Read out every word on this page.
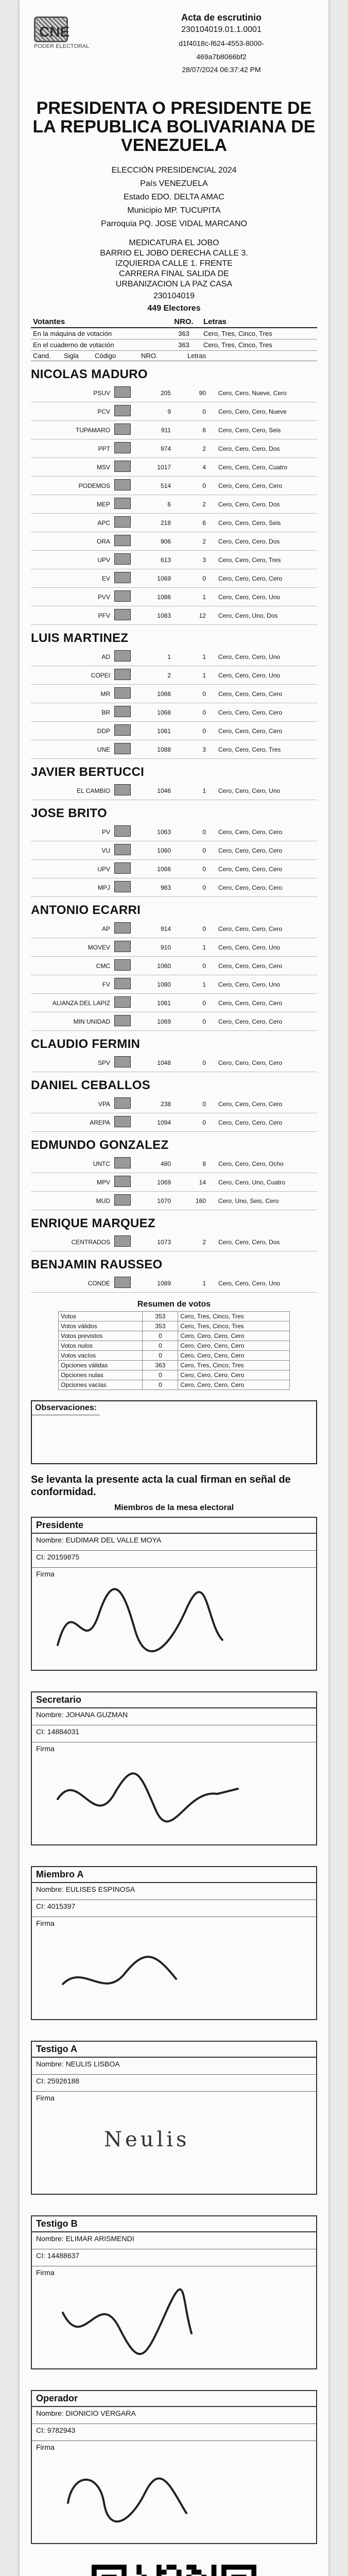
CNE
PODER ELECTORAL
Acta de escrutinio
230104019.01.1.0001
d1f4018c-f624-4553-8000-
469a7b8066bf2
28/07/2024 06:37:42 PM
PRESIDENTA O PRESIDENTE DE LA REPUBLICA BOLIVARIANA DE VENEZUELA
ELECCIÓN PRESIDENCIAL 2024
País VENEZUELA
Estado EDO. DELTA AMAC
Municipio MP. TUCUPITA
Parroquia PQ. JOSE VIDAL MARCANO
MEDICATURA EL JOBO
BARRIO EL JOBO DERECHA CALLE 3.
IZQUIERDA CALLE 1. FRENTE
CARRERA FINAL SALIDA DE
URBANIZACION LA PAZ CASA
230104019
449 Electores
Votantes	NRO.	Letras
En la máquina de votación	363	Cero, Tres, Cinco, Tres
En el cuaderno de votación	363	Cero, Tres, Cinco, Tres
Cand.	Sigla	Código	NRO.	Letras
NICOLAS MADURO
PSUV		205	90	Cero, Cero, Nueve, Cero
PCV		9	0	Cero, Cero, Cero, Nueve
TUPAMARO		911	6	Cero, Cero, Cero, Seis
PPT		974	2	Cero, Cero, Cero, Dos
MSV		1017	4	Cero, Cero, Cero, Cuatro
PODEMOS		514	0	Cero, Cero, Cero, Cero
MEP		6	2	Cero, Cero, Cero, Dos
APC		218	6	Cero, Cero, Cero, Seis
ORA		906	2	Cero, Cero, Cero, Dos
UPV		613	3	Cero, Cero, Cero, Tres
EV		1069	0	Cero, Cero, Cero, Cero
PVV		1086	1	Cero, Cero, Cero, Uno
PFV		1083	12	Cero, Cero, Uno, Dos
LUIS MARTINEZ
AD		1	1	Cero, Cero, Cero, Uno
COPEI		2	1	Cero, Cero, Cero, Uno
MR		1066	0	Cero, Cero, Cero, Cero
BR		1068	0	Cero, Cero, Cero, Cero
DDP		1061	0	Cero, Cero, Cero, Cero
UNE		1088	3	Cero, Cero, Cero, Tres
JAVIER BERTUCCI
EL CAMBIO		1046	1	Cero, Cero, Cero, Uno
JOSE BRITO
PV		1063	0	Cero, Cero, Cero, Cero
VU		1060	0	Cero, Cero, Cero, Cero
UPV		1066	0	Cero, Cero, Cero, Cero
MPJ		983	0	Cero, Cero, Cero, Cero
ANTONIO ECARRI
AP		914	0	Cero, Cero, Cero, Cero
MOVEV		910	1	Cero, Cero, Cero, Uno
CMC		1060	0	Cero, Cero, Cero, Cero
FV		1080	1	Cero, Cero, Cero, Uno
ALIANZA DEL LAPIZ		1061	0	Cero, Cero, Cero, Cero
MIN UNIDAD		1069	0	Cero, Cero, Cero, Cero
CLAUDIO FERMIN
SPV		1048	0	Cero, Cero, Cero, Cero
DANIEL CEBALLOS
VPA		238	0	Cero, Cero, Cero, Cero
AREPA		1094	0	Cero, Cero, Cero, Cero
EDMUNDO GONZALEZ
UNTC		480	8	Cero, Cero, Cero, Ocho
MPV		1069	14	Cero, Cero, Uno, Cuatro
MUD		1070	160	Cero, Uno, Seis, Cero
ENRIQUE MARQUEZ
CENTRADOS		1073	2	Cero, Cero, Cero, Dos
BENJAMIN RAUSSEO
CONDE		1089	1	Cero, Cero, Cero, Uno
Resumen de votos
Votos	353	Cero, Tres, Cinco, Tres
Votos válidos	353	Cero, Tres, Cinco, Tres
Votos previstos	0	Cero, Cero, Cero, Cero
Votos nulos	0	Cero, Cero, Cero, Cero
Votos vacíos	0	Cero, Cero, Cero, Cero
Opciones válidas	363	Cero, Tres, Cinco, Tres
Opciones nulas	0	Cero, Cero, Cero, Cero
Opciones vacías	0	Cero, Cero, Cero, Cero
Observaciones:
Se levanta la presente acta la cual firman en señal de conformidad.
Miembros de la mesa electoral
Presidente
Nombre: EUDIMAR DEL VALLE MOYA
CI: 20159875
Firma
Secretario
Nombre: JOHANA GUZMAN
CI: 14884031
Firma
Miembro A
Nombre: EULISES ESPINOSA
CI: 4015397
Firma
Testigo A
Nombre: NEULIS LISBOA
CI: 25926188
Firma
Neulis
Testigo B
Nombre: ELIMAR ARISMENDI
CI: 14488637
Firma
Operador
Nombre: DIONICIO VERGARA
CI: 9782943
Firma
